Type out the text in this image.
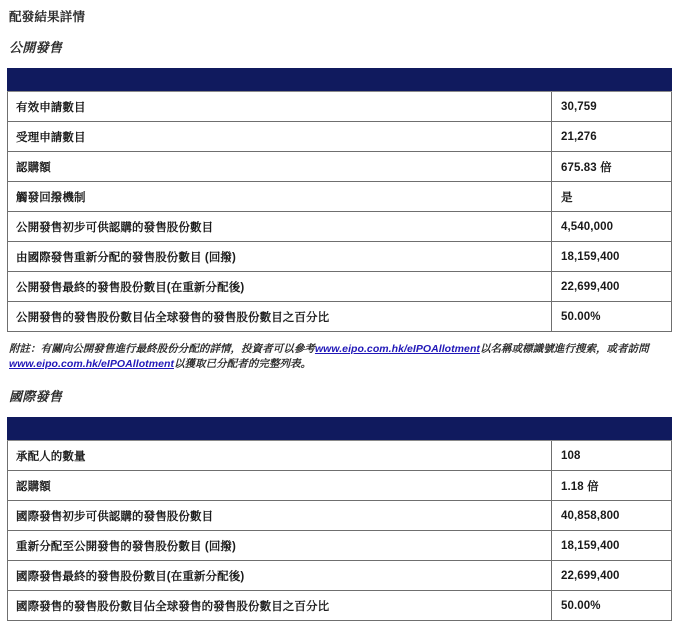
配發結果詳情
公開發售

有效申請數目	30,759
受理申請數目	21,276
認購額	675.83 倍
觸發回撥機制	是
公開發售初步可供認購的發售股份數目	4,540,000
由國際發售重新分配的發售股份數目 (回撥)	18,159,400
公開發售最終的發售股份數目(在重新分配後)	22,699,400
公開發售的發售股份數目佔全球發售的發售股份數目之百分比	50.00%
附註：有關向公開發售進行最終股份分配的詳情，投資者可以參考www.eipo.com.hk/eIPOAllotment以名稱或標識號進行搜索，或者訪問www.eipo.com.hk/eIPOAllotment以獲取已分配者的完整列表。
國際發售

承配人的數量	108
認購額	1.18 倍
國際發售初步可供認購的發售股份數目	40,858,800
重新分配至公開發售的發售股份數目 (回撥)	18,159,400
國際發售最終的發售股份數目(在重新分配後)	22,699,400
國際發售的發售股份數目佔全球發售的發售股份數目之百分比	50.00%
